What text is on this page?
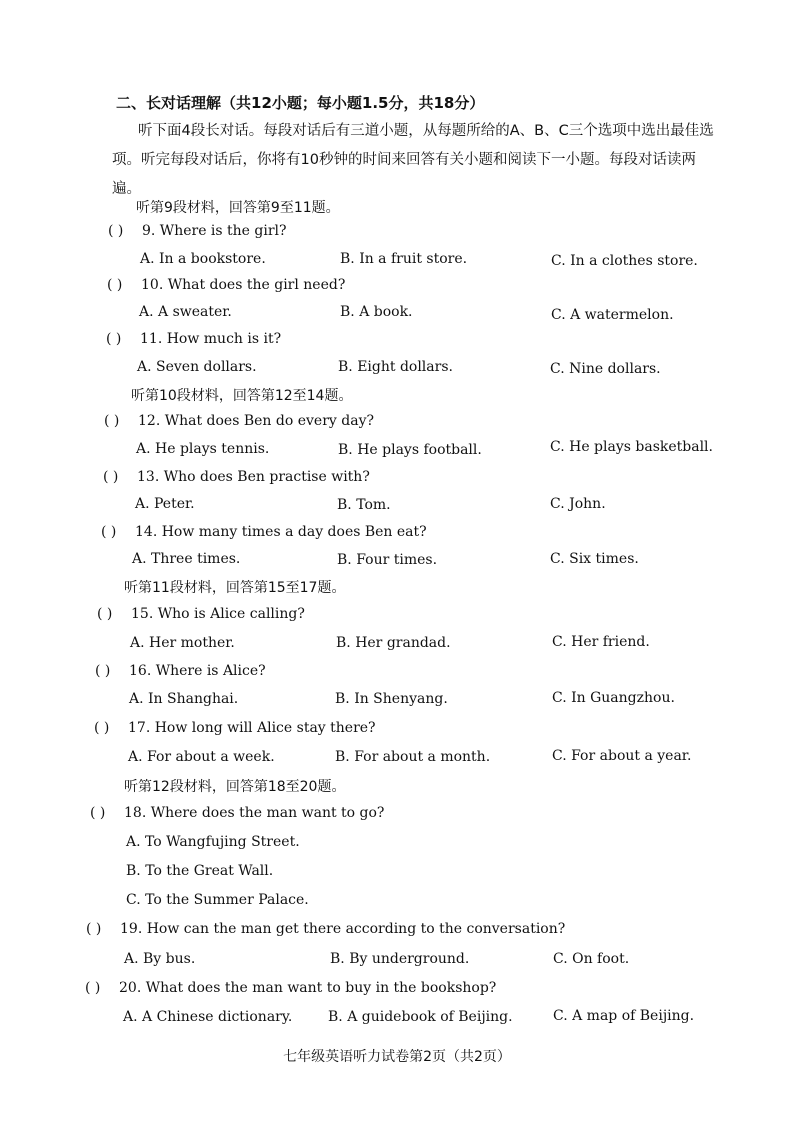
二、长对话理解（共12小题；每小题1.5分，共18分）
听下面4段长对话。每段对话后有三道小题，从每题所给的A、B、C三个选项中选出最佳选项。听完每段对话后，你将有10秒钟的时间来回答有关小题和阅读下一小题。每段对话读两遍。
听第9段材料，回答第9至11题。
( ) 9. Where is the girl?
A. In a bookstore.	B. In a fruit store.	C. In a clothes store.
( ) 10. What does the girl need?
A. A sweater.	B. A book.	C. A watermelon.
( ) 11. How much is it?
A. Seven dollars.	B. Eight dollars.	C. Nine dollars.
听第10段材料，回答第12至14题。
( ) 12. What does Ben do every day?
A. He plays tennis.	B. He plays football.	C. He plays basketball.
( ) 13. Who does Ben practise with?
A. Peter.	B. Tom.	C. John.
( ) 14. How many times a day does Ben eat?
A. Three times.	B. Four times.	C. Six times.
听第11段材料，回答第15至17题。
( ) 15. Who is Alice calling?
A. Her mother.	B. Her grandad.	C. Her friend.
( ) 16. Where is Alice?
A. In Shanghai.	B. In Shenyang.	C. In Guangzhou.
( ) 17. How long will Alice stay there?
A. For about a week.	B. For about a month.	C. For about a year.
听第12段材料，回答第18至20题。
( ) 18. Where does the man want to go?
A. To Wangfujing Street.
B. To the Great Wall.
C. To the Summer Palace.
( ) 19. How can the man get there according to the conversation?
A. By bus.	B. By underground.	C. On foot.
( ) 20. What does the man want to buy in the bookshop?
A. A Chinese dictionary.	B. A guidebook of Beijing.	C. A map of Beijing.
七年级英语听力试卷第2页（共2页）
